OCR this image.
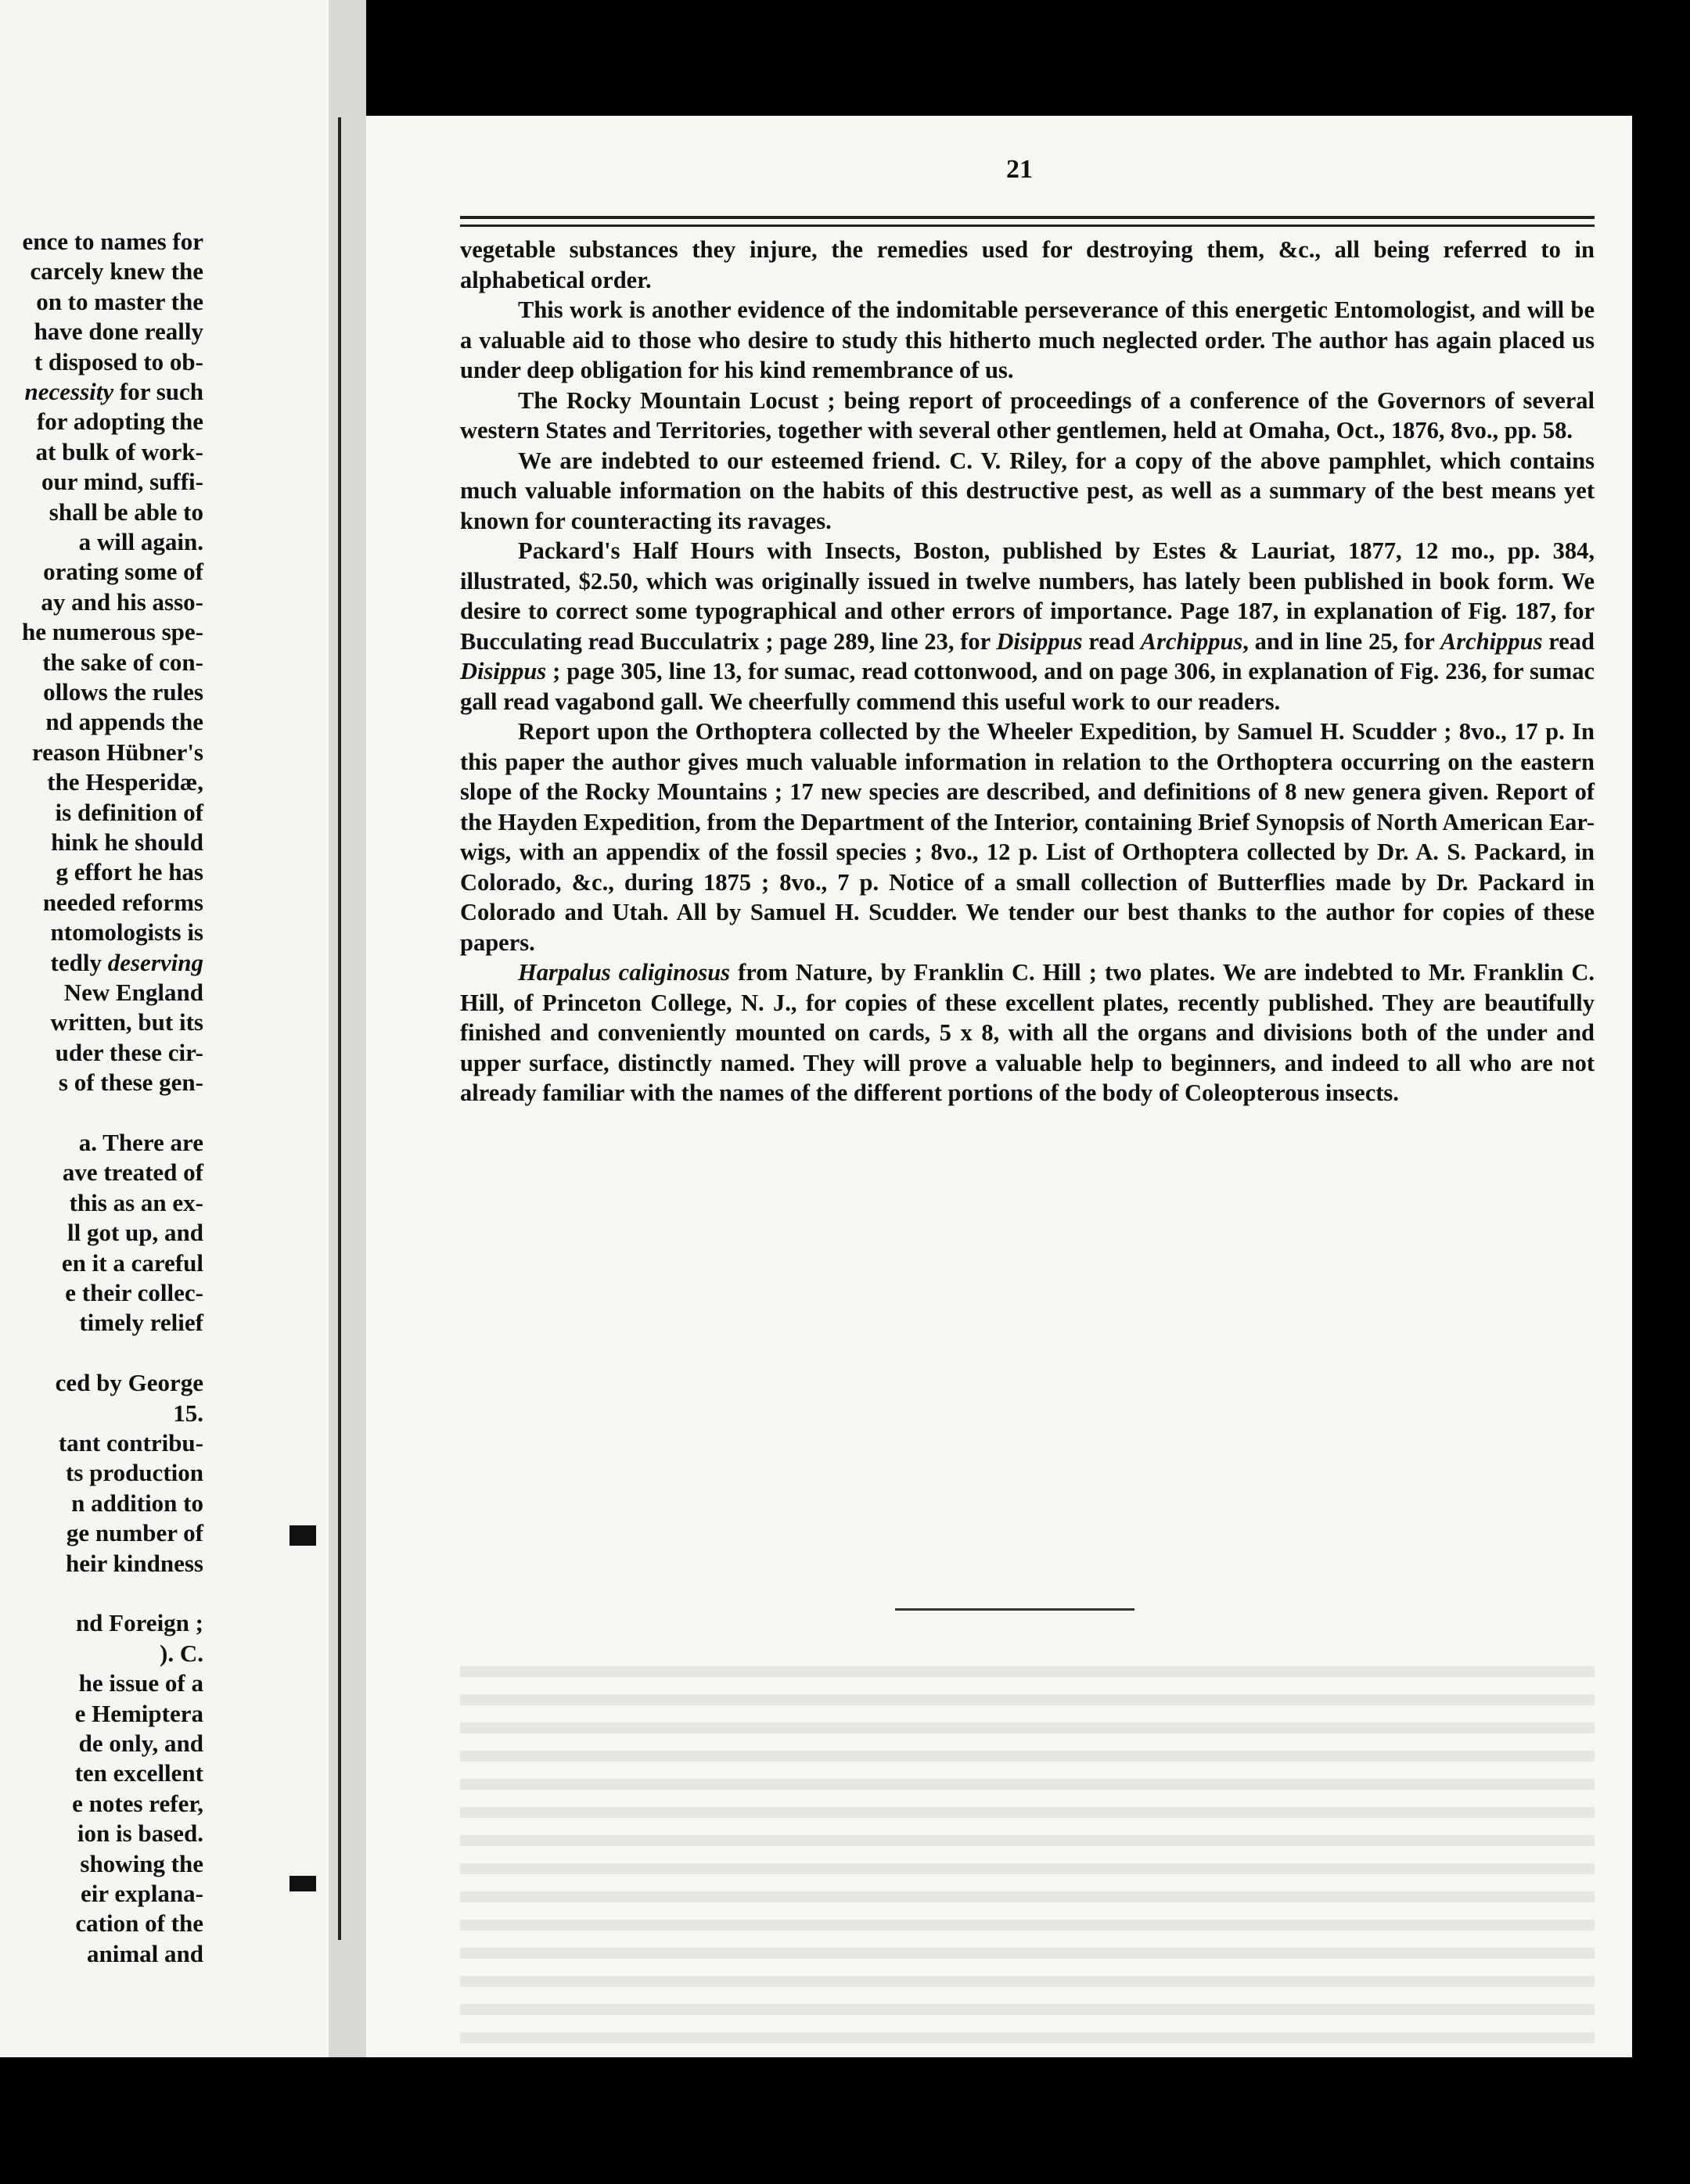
ence to names for
carcely knew the
on to master the
have done really
t disposed to ob-
necessity for such
for adopting the
at bulk of work-
our mind, suffi-
shall be able to
a will again.
orating some of
ay and his asso-
he numerous spe-
the sake of con-
ollows the rules
nd appends the
reason Hübner's
the Hesperidæ,
is definition of
hink he should
g effort he has
needed reforms
ntomologists is
tedly deserving
New England
written, but its
uder these cir-
s of these gen-
a. There are
ave treated of
this as an ex-
ll got up, and
en it a careful
e their collec-
timely relief
ced by George
15.
tant contribu-
ts production
n addition to
ge number of
heir kindness
nd Foreign ;
). C.
he issue of a
e Hemiptera
de only, and
ten excellent
e notes refer,
ion is based.
showing the
eir explana-
cation of the
animal and
21

vegetable substances they injure, the remedies used for destroying them, &c., all being referred to in alphabetical order.

This work is another evidence of the indomitable perseverance of this energetic Entomologist, and will be a valuable aid to those who desire to study this hitherto much neglected order. The author has again placed us under deep obligation for his kind remembrance of us.

The Rocky Mountain Locust ; being report of proceedings of a conference of the Governors of several western States and Territories, together with several other gentlemen, held at Omaha, Oct., 1876, 8vo., pp. 58.

We are indebted to our esteemed friend. C. V. Riley, for a copy of the above pamphlet, which contains much valuable information on the habits of this destructive pest, as well as a summary of the best means yet known for counteracting its ravages.

Packard's Half Hours with Insects, Boston, published by Estes & Lauriat, 1877, 12 mo., pp. 384, illustrated, $2.50, which was originally issued in twelve numbers, has lately been published in book form. We desire to correct some typographical and other errors of importance. Page 187, in explanation of Fig. 187, for Bucculating read Bucculatrix ; page 289, line 23, for Disippus read Archippus, and in line 25, for Archippus read Disippus ; page 305, line 13, for sumac, read cottonwood, and on page 306, in explanation of Fig. 236, for sumac gall read vagabond gall. We cheerfully commend this useful work to our readers.

Report upon the Orthoptera collected by the Wheeler Expedition, by Samuel H. Scudder ; 8vo., 17 p. In this paper the author gives much valuable information in relation to the Orthoptera occurring on the eastern slope of the Rocky Mountains ; 17 new species are described, and definitions of 8 new genera given. Report of the Hayden Expedition, from the Department of the Interior, containing Brief Synopsis of North American Ear-wigs, with an appendix of the fossil species ; 8vo., 12 p. List of Orthoptera collected by Dr. A. S. Packard, in Colorado, &c., during 1875 ; 8vo., 7 p. Notice of a small collection of Butterflies made by Dr. Packard in Colorado and Utah. All by Samuel H. Scudder. We tender our best thanks to the author for copies of these papers.

Harpalus caliginosus from Nature, by Franklin C. Hill ; two plates. We are indebted to Mr. Franklin C. Hill, of Princeton College, N. J., for copies of these excellent plates, recently published. They are beautifully finished and conveniently mounted on cards, 5 x 8, with all the organs and divisions both of the under and upper surface, distinctly named. They will prove a valuable help to beginners, and indeed to all who are not already familiar with the names of the different portions of the body of Coleopterous insects.
